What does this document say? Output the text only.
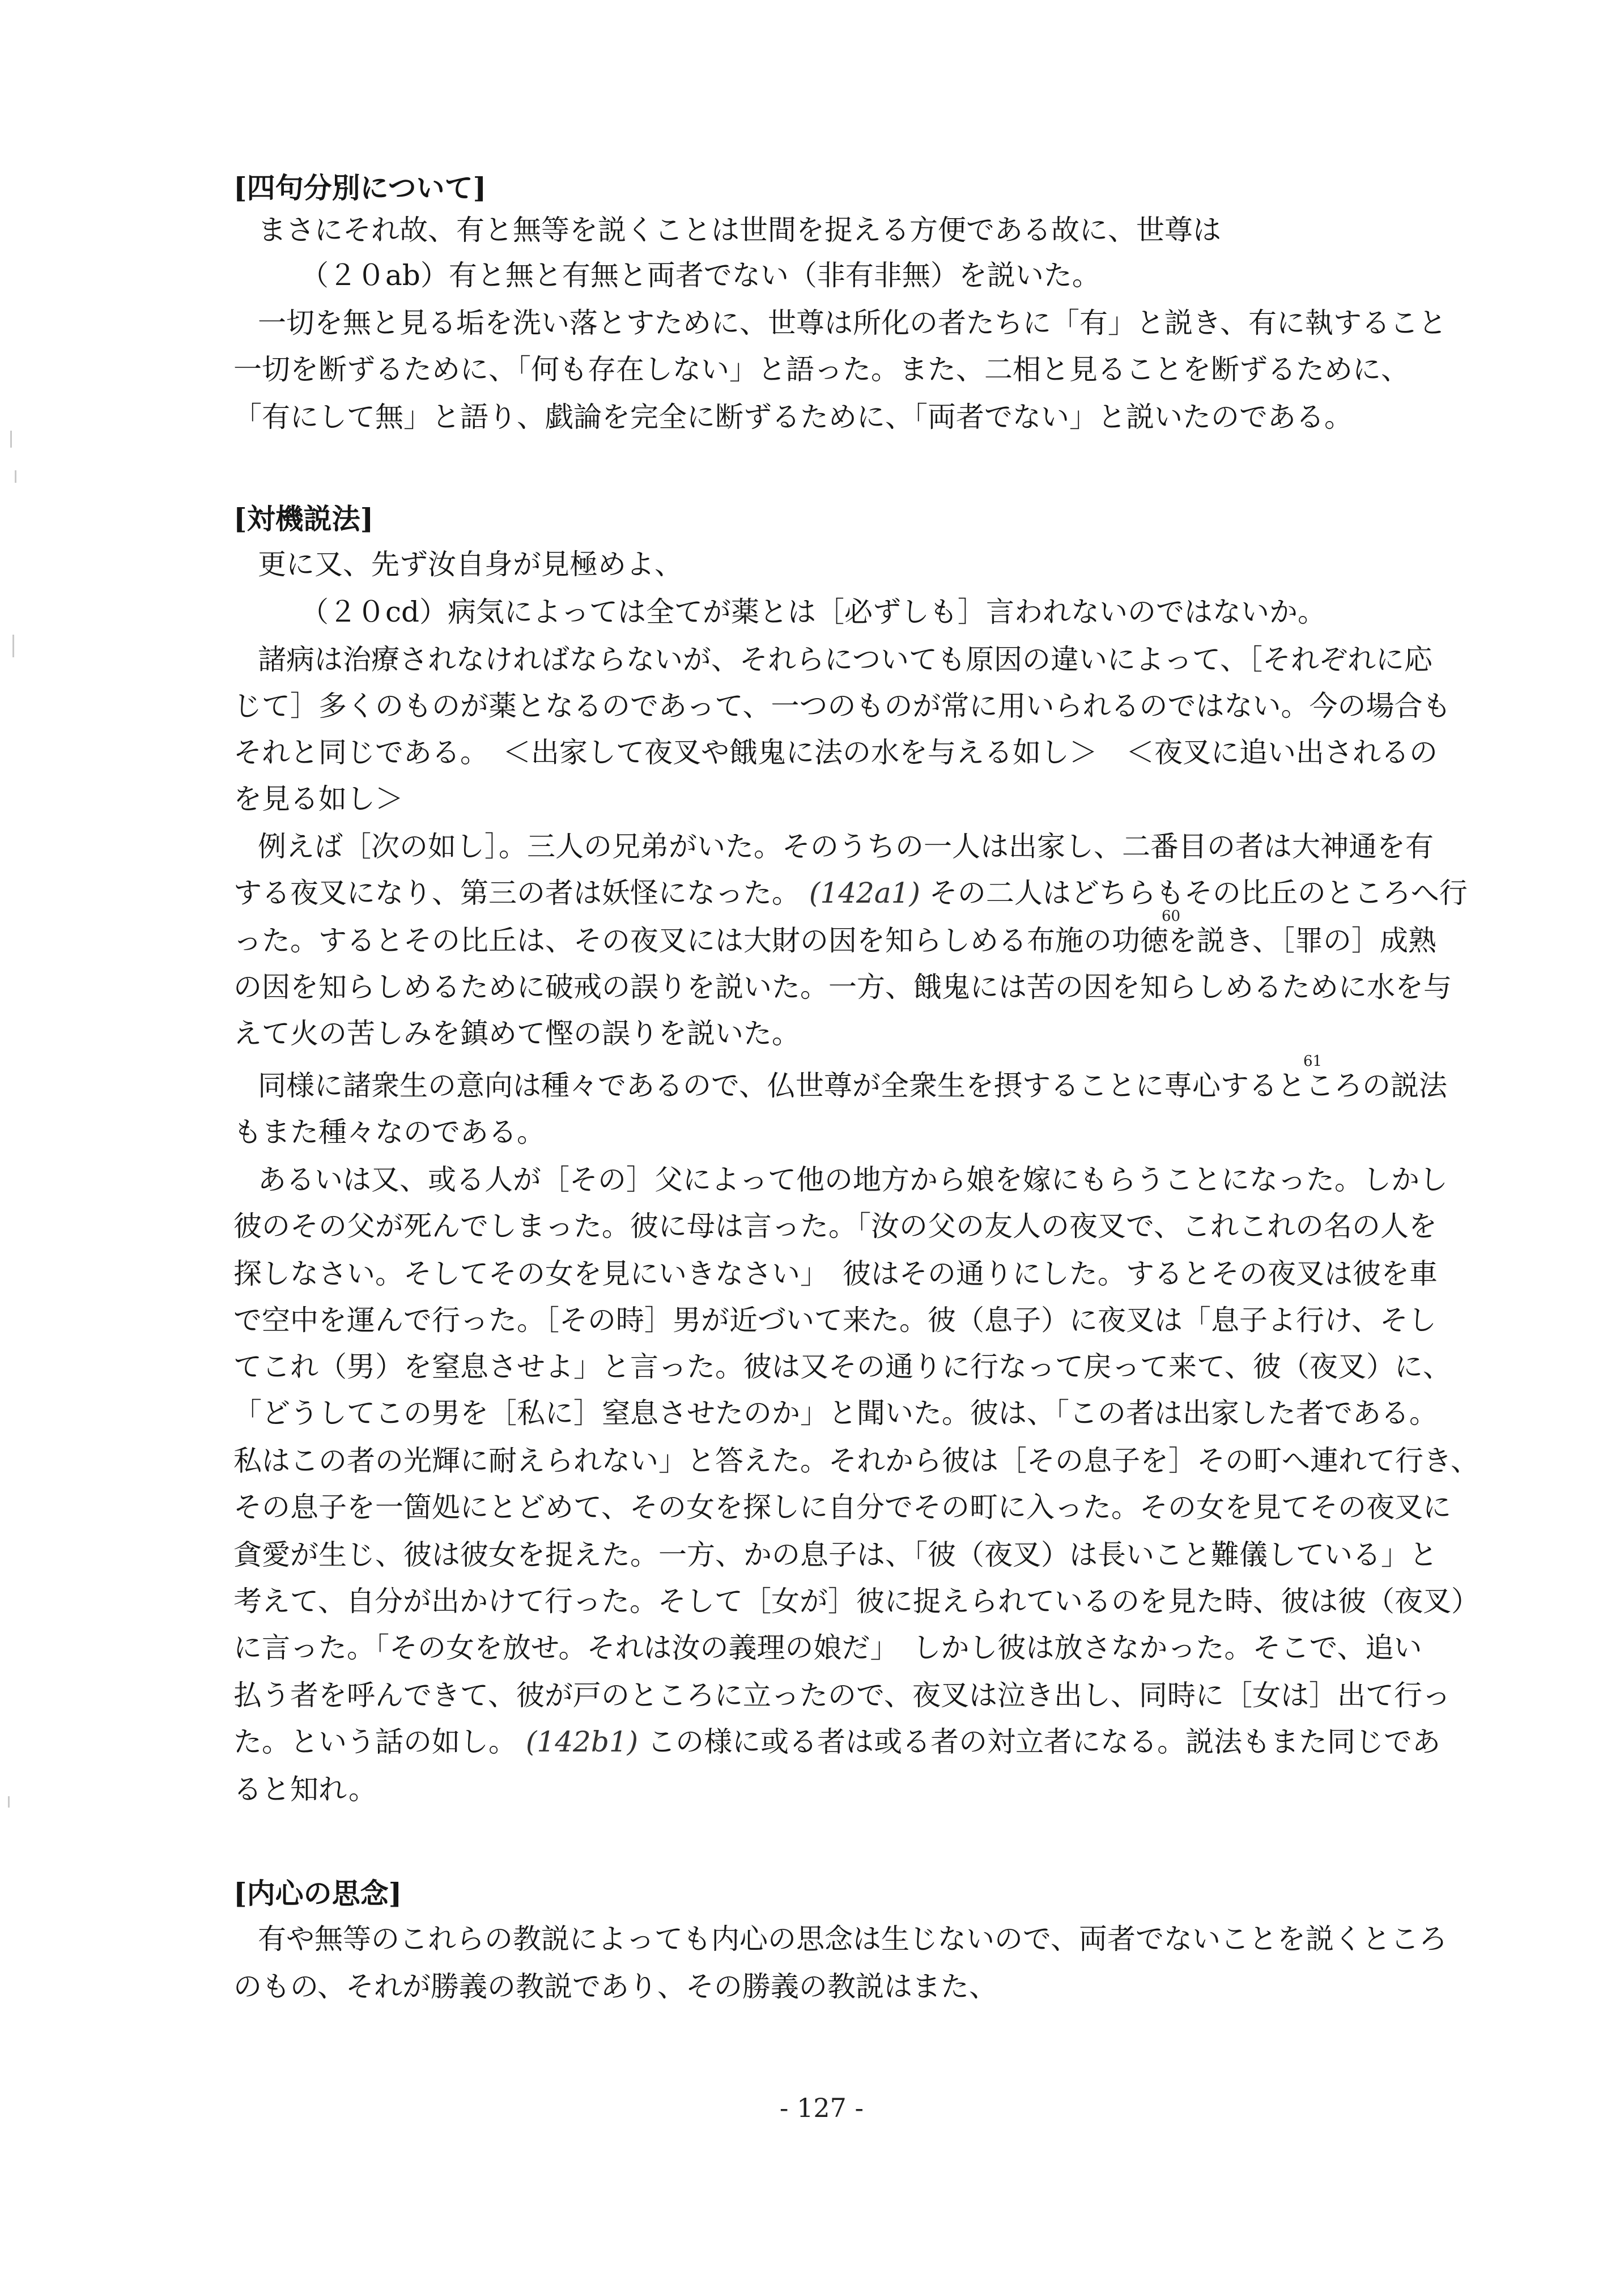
[四句分別について]
まさにそれ故、有と無等を説くことは世間を捉える方便である故に、世尊は
（２０ab）有と無と有無と両者でない（非有非無）を説いた。
一切を無と見る垢を洗い落とすために、世尊は所化の者たちに「有」と説き、有に執すること
一切を断ずるために、「何も存在しない」と語った。また、二相と見ることを断ずるために、
「有にして無」と語り、戯論を完全に断ずるために、「両者でない」と説いたのである。
[対機説法]
更に又、先ず汝自身が見極めよ、
（２０cd）病気によっては全てが薬とは［必ずしも］言われないのではないか。
諸病は治療されなければならないが、それらについても原因の違いによって、［それぞれに応
じて］多くのものが薬となるのであって、一つのものが常に用いられるのではない。今の場合も
それと同じである。　＜出家して夜叉や餓鬼に法の水を与える如し＞　＜夜叉に追い出されるの
を見る如し＞
例えば［次の如し］。三人の兄弟がいた。そのうちの一人は出家し、二番目の者は大神通を有
する夜叉になり、第三の者は妖怪になった。 (142a1) その二人はどちらもその比丘のところへ行
60
った。するとその比丘は、その夜叉には大財の因を知らしめる布施の功徳を説き、［罪の］成熟
の因を知らしめるために破戒の誤りを説いた。一方、餓鬼には苦の因を知らしめるために水を与
えて火の苦しみを鎮めて慳の誤りを説いた。
61
同様に諸衆生の意向は種々であるので、仏世尊が全衆生を摂することに専心するところの説法
もまた種々なのである。
あるいは又、或る人が［その］父によって他の地方から娘を嫁にもらうことになった。しかし
彼のその父が死んでしまった。彼に母は言った。「汝の父の友人の夜叉で、これこれの名の人を
探しなさい。そしてその女を見にいきなさい」　彼はその通りにした。するとその夜叉は彼を車
で空中を運んで行った。［その時］男が近づいて来た。彼（息子）に夜叉は「息子よ行け、そし
てこれ（男）を窒息させよ」と言った。彼は又その通りに行なって戻って来て、彼（夜叉）に、
「どうしてこの男を［私に］窒息させたのか」と聞いた。彼は、「この者は出家した者である。
私はこの者の光輝に耐えられない」と答えた。それから彼は［その息子を］その町へ連れて行き、
その息子を一箇処にとどめて、その女を探しに自分でその町に入った。その女を見てその夜叉に
貪愛が生じ、彼は彼女を捉えた。一方、かの息子は、「彼（夜叉）は長いこと難儀している」と
考えて、自分が出かけて行った。そして［女が］彼に捉えられているのを見た時、彼は彼（夜叉）
に言った。「その女を放せ。それは汝の義理の娘だ」　しかし彼は放さなかった。そこで、追い
払う者を呼んできて、彼が戸のところに立ったので、夜叉は泣き出し、同時に［女は］出て行っ
た。という話の如し。 (142b1) この様に或る者は或る者の対立者になる。説法もまた同じであ
ると知れ。
[内心の思念]
有や無等のこれらの教説によっても内心の思念は生じないので、両者でないことを説くところ
のもの、それが勝義の教説であり、その勝義の教説はまた、
- 127 -
